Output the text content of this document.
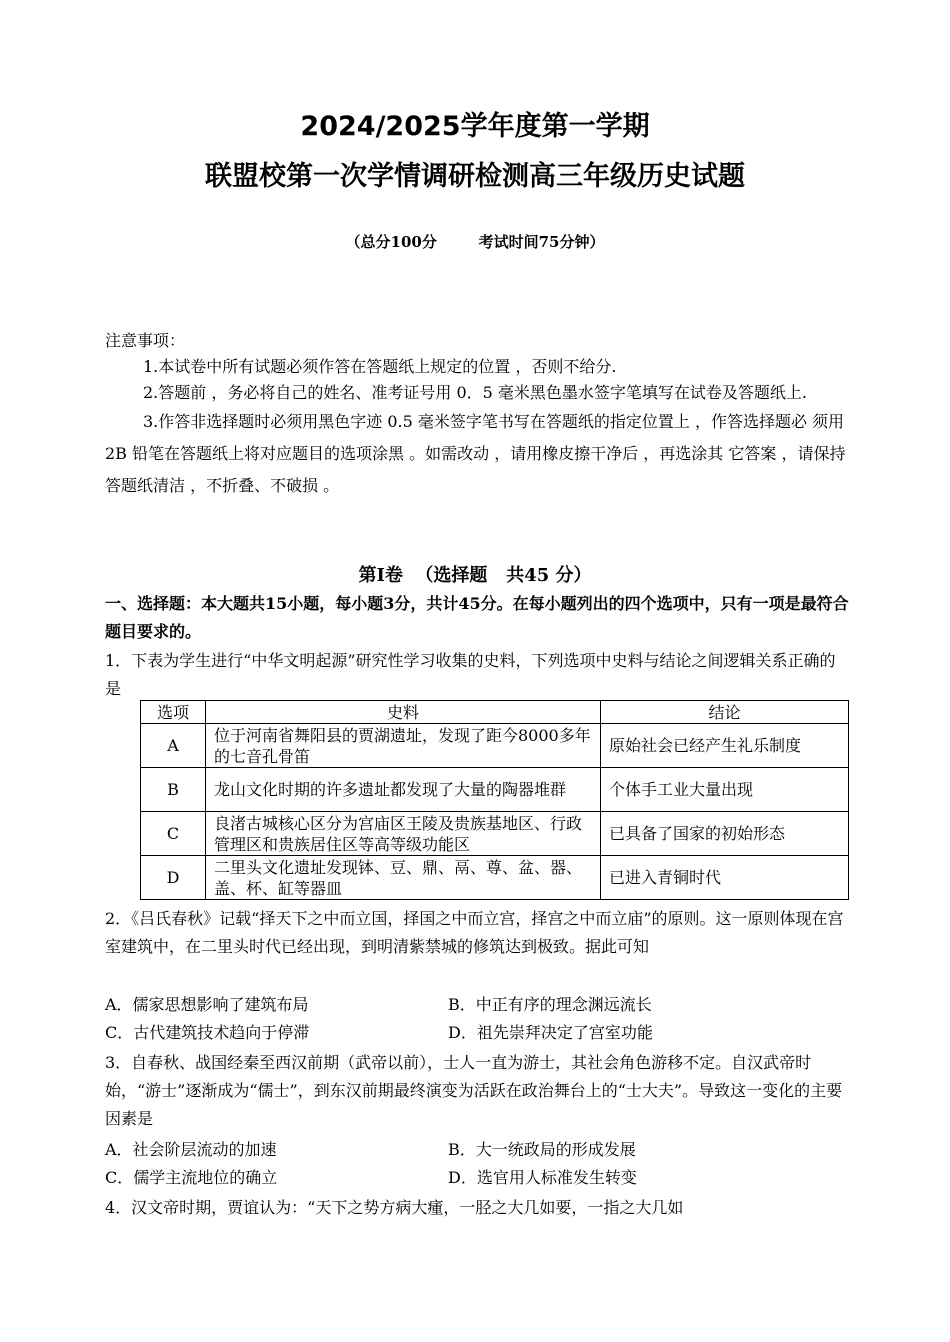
2024/2025学年度第一学期
联盟校第一次学情调研检测高三年级历史试题
（总分100分        考试时间75分钟）

注意事项：

1.本试卷中所有试题必须作答在答题纸上规定的位置 ，否则不给分.

2.答题前 ，务必将自己的姓名、准考证号用 0．5 毫米黑色墨水签字笔填写在试卷及答题纸上.

3.作答非选择题时必须用黑色字迹 0.5 毫米签字笔书写在答题纸的指定位置上 ，作答选择题必 须用 2B 铅笔在答题纸上将对应题目的选项涂黑 。如需改动 ，请用橡皮擦干净后 ，再选涂其 它答案 ，请保持答题纸清洁 ，不折叠、不破损 。

第Ⅰ卷  （选择题   共45 分）
一、选择题：本大题共15小题，每小题3分，共计45分。在每小题列出的四个选项中，只有一项是最符合题目要求的。

1．下表为学生进行“中华文明起源”研究性学习收集的史料，下列选项中史料与结论之间逻辑关系正确的是

选项	史料	结论
A	位于河南省舞阳县的贾湖遗址，发现了距今8000多年的七音孔骨笛	原始社会已经产生礼乐制度
B	龙山文化时期的许多遗址都发现了大量的陶器堆群	个体手工业大量出现
C	良渚古城核心区分为宫庙区王陵及贵族基地区、行政管理区和贵族居住区等高等级功能区	已具备了国家的初始形态
D	二里头文化遗址发现钵、豆、鼎、鬲、尊、盆、器、盖、杯、缸等器皿	已进入青铜时代

2．《吕氏春秋》记载“择天下之中而立国，择国之中而立宫，择宫之中而立庙”的原则。这一原则体现在宫室建筑中，在二里头时代已经出现，到明清紫禁城的修筑达到极致。据此可知

A．儒家思想影响了建筑布局	B．中正有序的理念渊远流长
C．古代建筑技术趋向于停滞	D．祖先崇拜决定了宫室功能

3．自春秋、战国经秦至西汉前期（武帝以前），士人一直为游士，其社会角色游移不定。自汉武帝时始，“游士”逐渐成为“儒士”，到东汉前期最终演变为活跃在政治舞台上的“士大夫”。导致这一变化的主要因素是

A．社会阶层流动的加速	B．大一统政局的形成发展
C．儒学主流地位的确立	D．选官用人标准发生转变

4．汉文帝时期，贾谊认为：“天下之势方病大瘇，一胫之大几如要，一指之大几如
